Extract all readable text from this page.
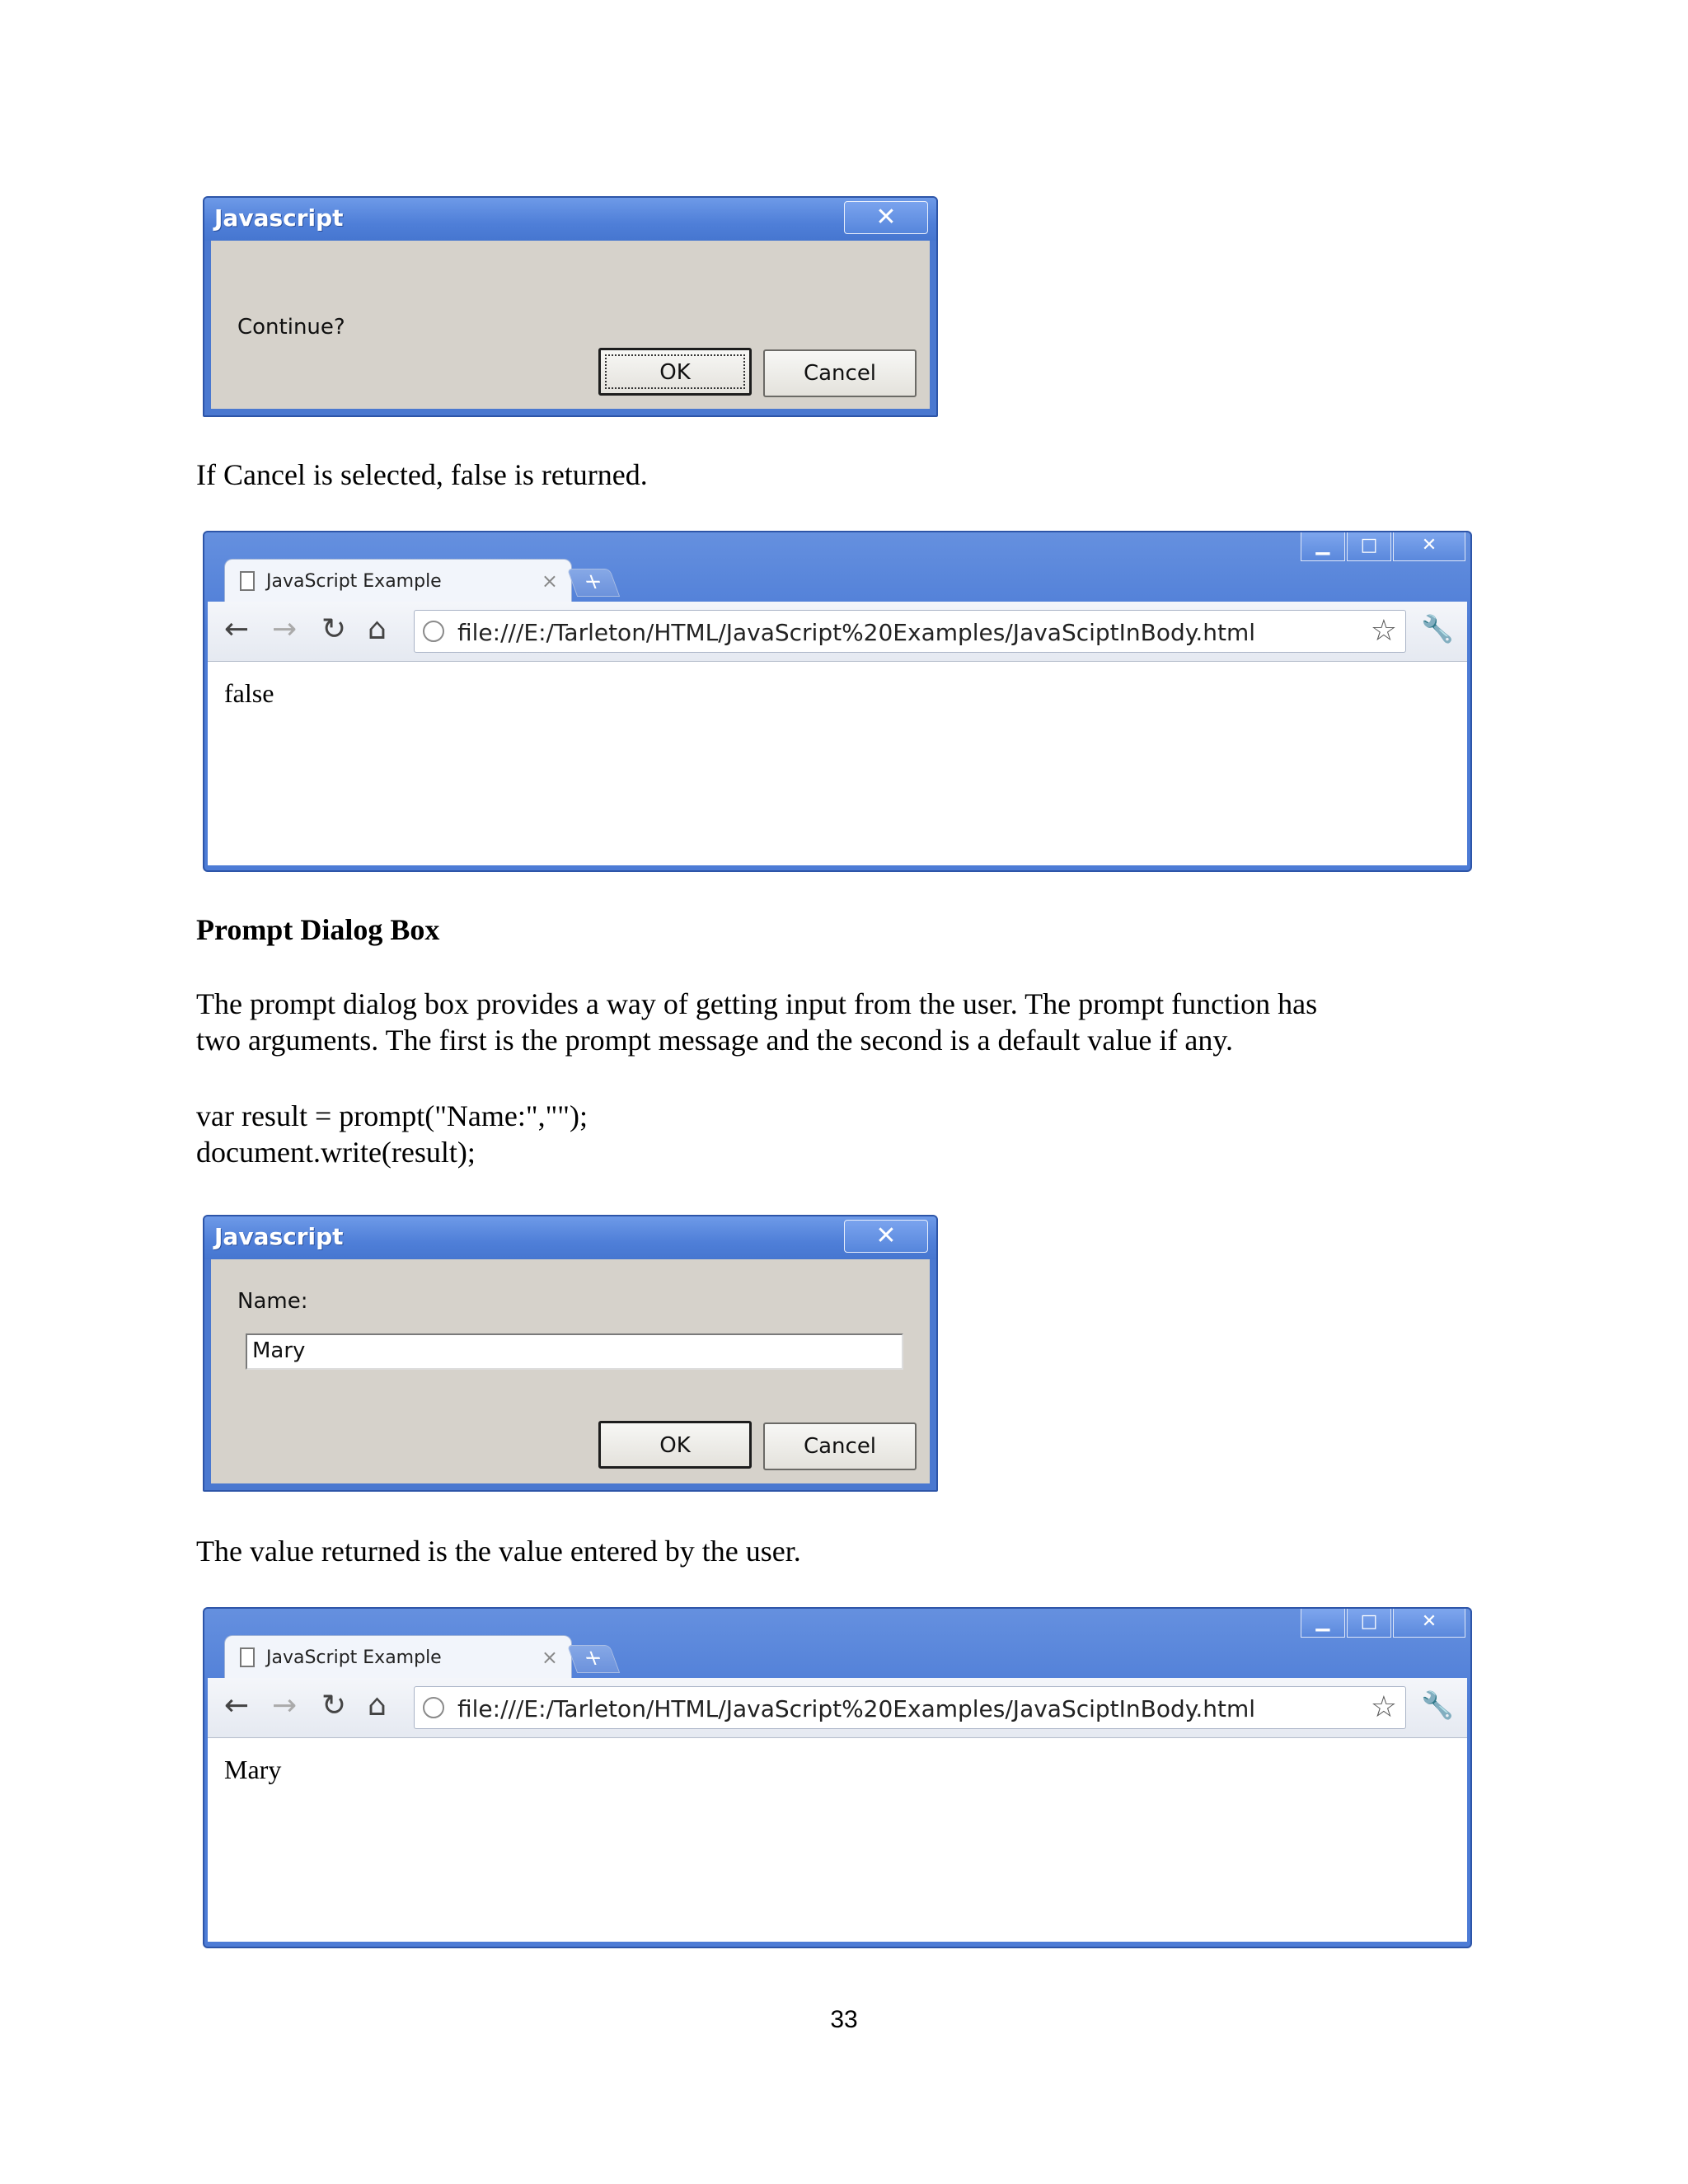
Javascript	✕
Continue?
OK	Cancel
If Cancel is selected, false is returned.
▁	□	✕
JavaScript Example	×	+
← → ↻ ⌂	file:///E:/Tarleton/HTML/JavaScript%20Examples/JavaSciptInBody.html	☆ 🔧
false
Prompt Dialog Box
The prompt dialog box provides a way of getting input from the user. The prompt function has
two arguments. The first is the prompt message and the second is a default value if any.
var result = prompt("Name:","");
document.write(result);
Javascript	✕
Name:
Mary
OK	Cancel
The value returned is the value entered by the user.
▁	□	✕
JavaScript Example	×	+
← → ↻ ⌂	file:///E:/Tarleton/HTML/JavaScript%20Examples/JavaSciptInBody.html	☆ 🔧
Mary
33
